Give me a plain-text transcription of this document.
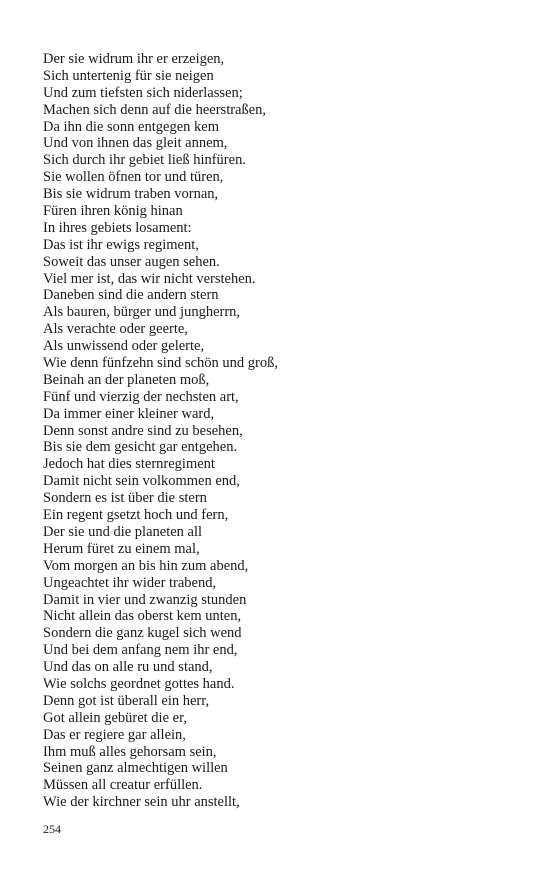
Der sie widrum ihr er erzeigen,
Sich untertenig für sie neigen
Und zum tiefsten sich niderlassen;
Machen sich denn auf die heerstraßen,
Da ihn die sonn entgegen kem
Und von ihnen das gleit annem,
Sich durch ihr gebiet ließ hinfüren.
Sie wollen öfnen tor und türen,
Bis sie widrum traben vornan,
Füren ihren könig hinan
In ihres gebiets losament:
Das ist ihr ewigs regiment,
Soweit das unser augen sehen.
Viel mer ist, das wir nicht verstehen.
Daneben sind die andern stern
Als bauren, bürger und jungherrn,
Als verachte oder geerte,
Als unwissend oder gelerte,
Wie denn fünfzehn sind schön und groß,
Beinah an der planeten moß,
Fünf und vierzig der nechsten art,
Da immer einer kleiner ward,
Denn sonst andre sind zu besehen,
Bis sie dem gesicht gar entgehen.
Jedoch hat dies sternregiment
Damit nicht sein volkommen end,
Sondern es ist über die stern
Ein regent gsetzt hoch und fern,
Der sie und die planeten all
Herum füret zu einem mal,
Vom morgen an bis hin zum abend,
Ungeachtet ihr wider trabend,
Damit in vier und zwanzig stunden
Nicht allein das oberst kem unten,
Sondern die ganz kugel sich wend
Und bei dem anfang nem ihr end,
Und das on alle ru und stand,
Wie solchs geordnet gottes hand.
Denn got ist überall ein herr,
Got allein gebüret die er,
Das er regiere gar allein,
Ihm muß alles gehorsam sein,
Seinen ganz almechtigen willen
Müssen all creatur erfüllen.
Wie der kirchner sein uhr anstellt,
254
